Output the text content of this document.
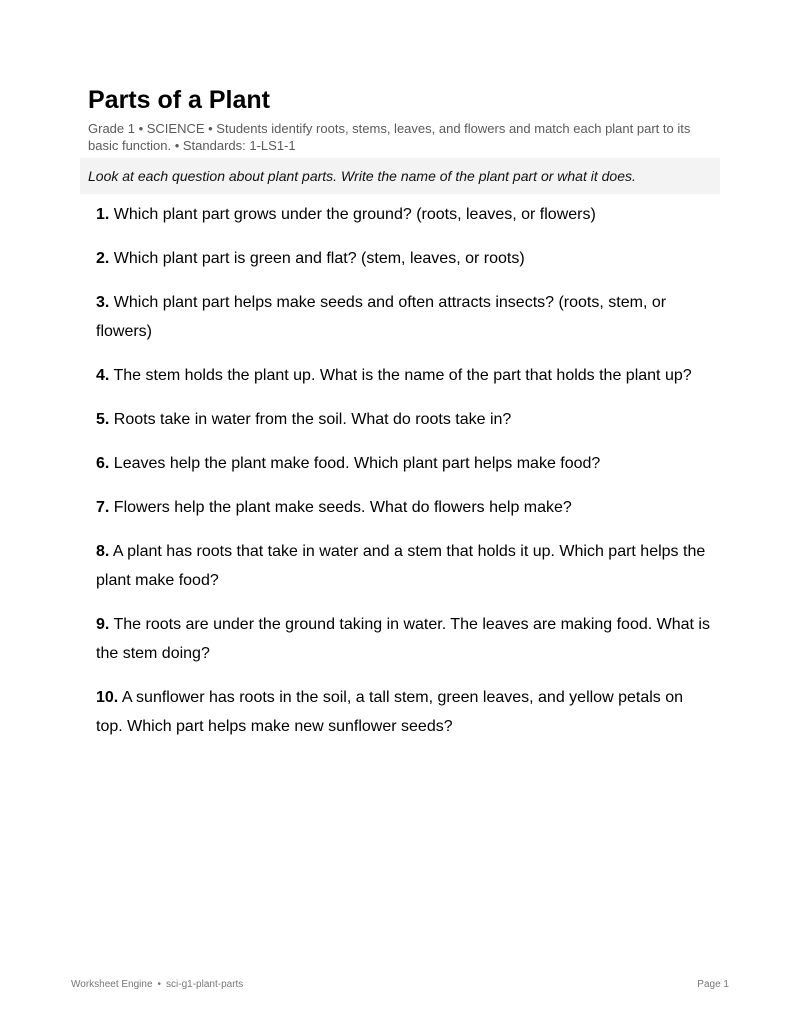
Parts of a Plant
Grade 1 • SCIENCE • Students identify roots, stems, leaves, and flowers and match each plant part to its basic function. • Standards: 1-LS1-1
Look at each question about plant parts. Write the name of the plant part or what it does.
1. Which plant part grows under the ground? (roots, leaves, or flowers)
2. Which plant part is green and flat? (stem, leaves, or roots)
3. Which plant part helps make seeds and often attracts insects? (roots, stem, or flowers)
4. The stem holds the plant up. What is the name of the part that holds the plant up?
5. Roots take in water from the soil. What do roots take in?
6. Leaves help the plant make food. Which plant part helps make food?
7. Flowers help the plant make seeds. What do flowers help make?
8. A plant has roots that take in water and a stem that holds it up. Which part helps the plant make food?
9. The roots are under the ground taking in water. The leaves are making food. What is the stem doing?
10. A sunflower has roots in the soil, a tall stem, green leaves, and yellow petals on top. Which part helps make new sunflower seeds?
Worksheet Engine • sci-g1-plant-parts	Page 1
